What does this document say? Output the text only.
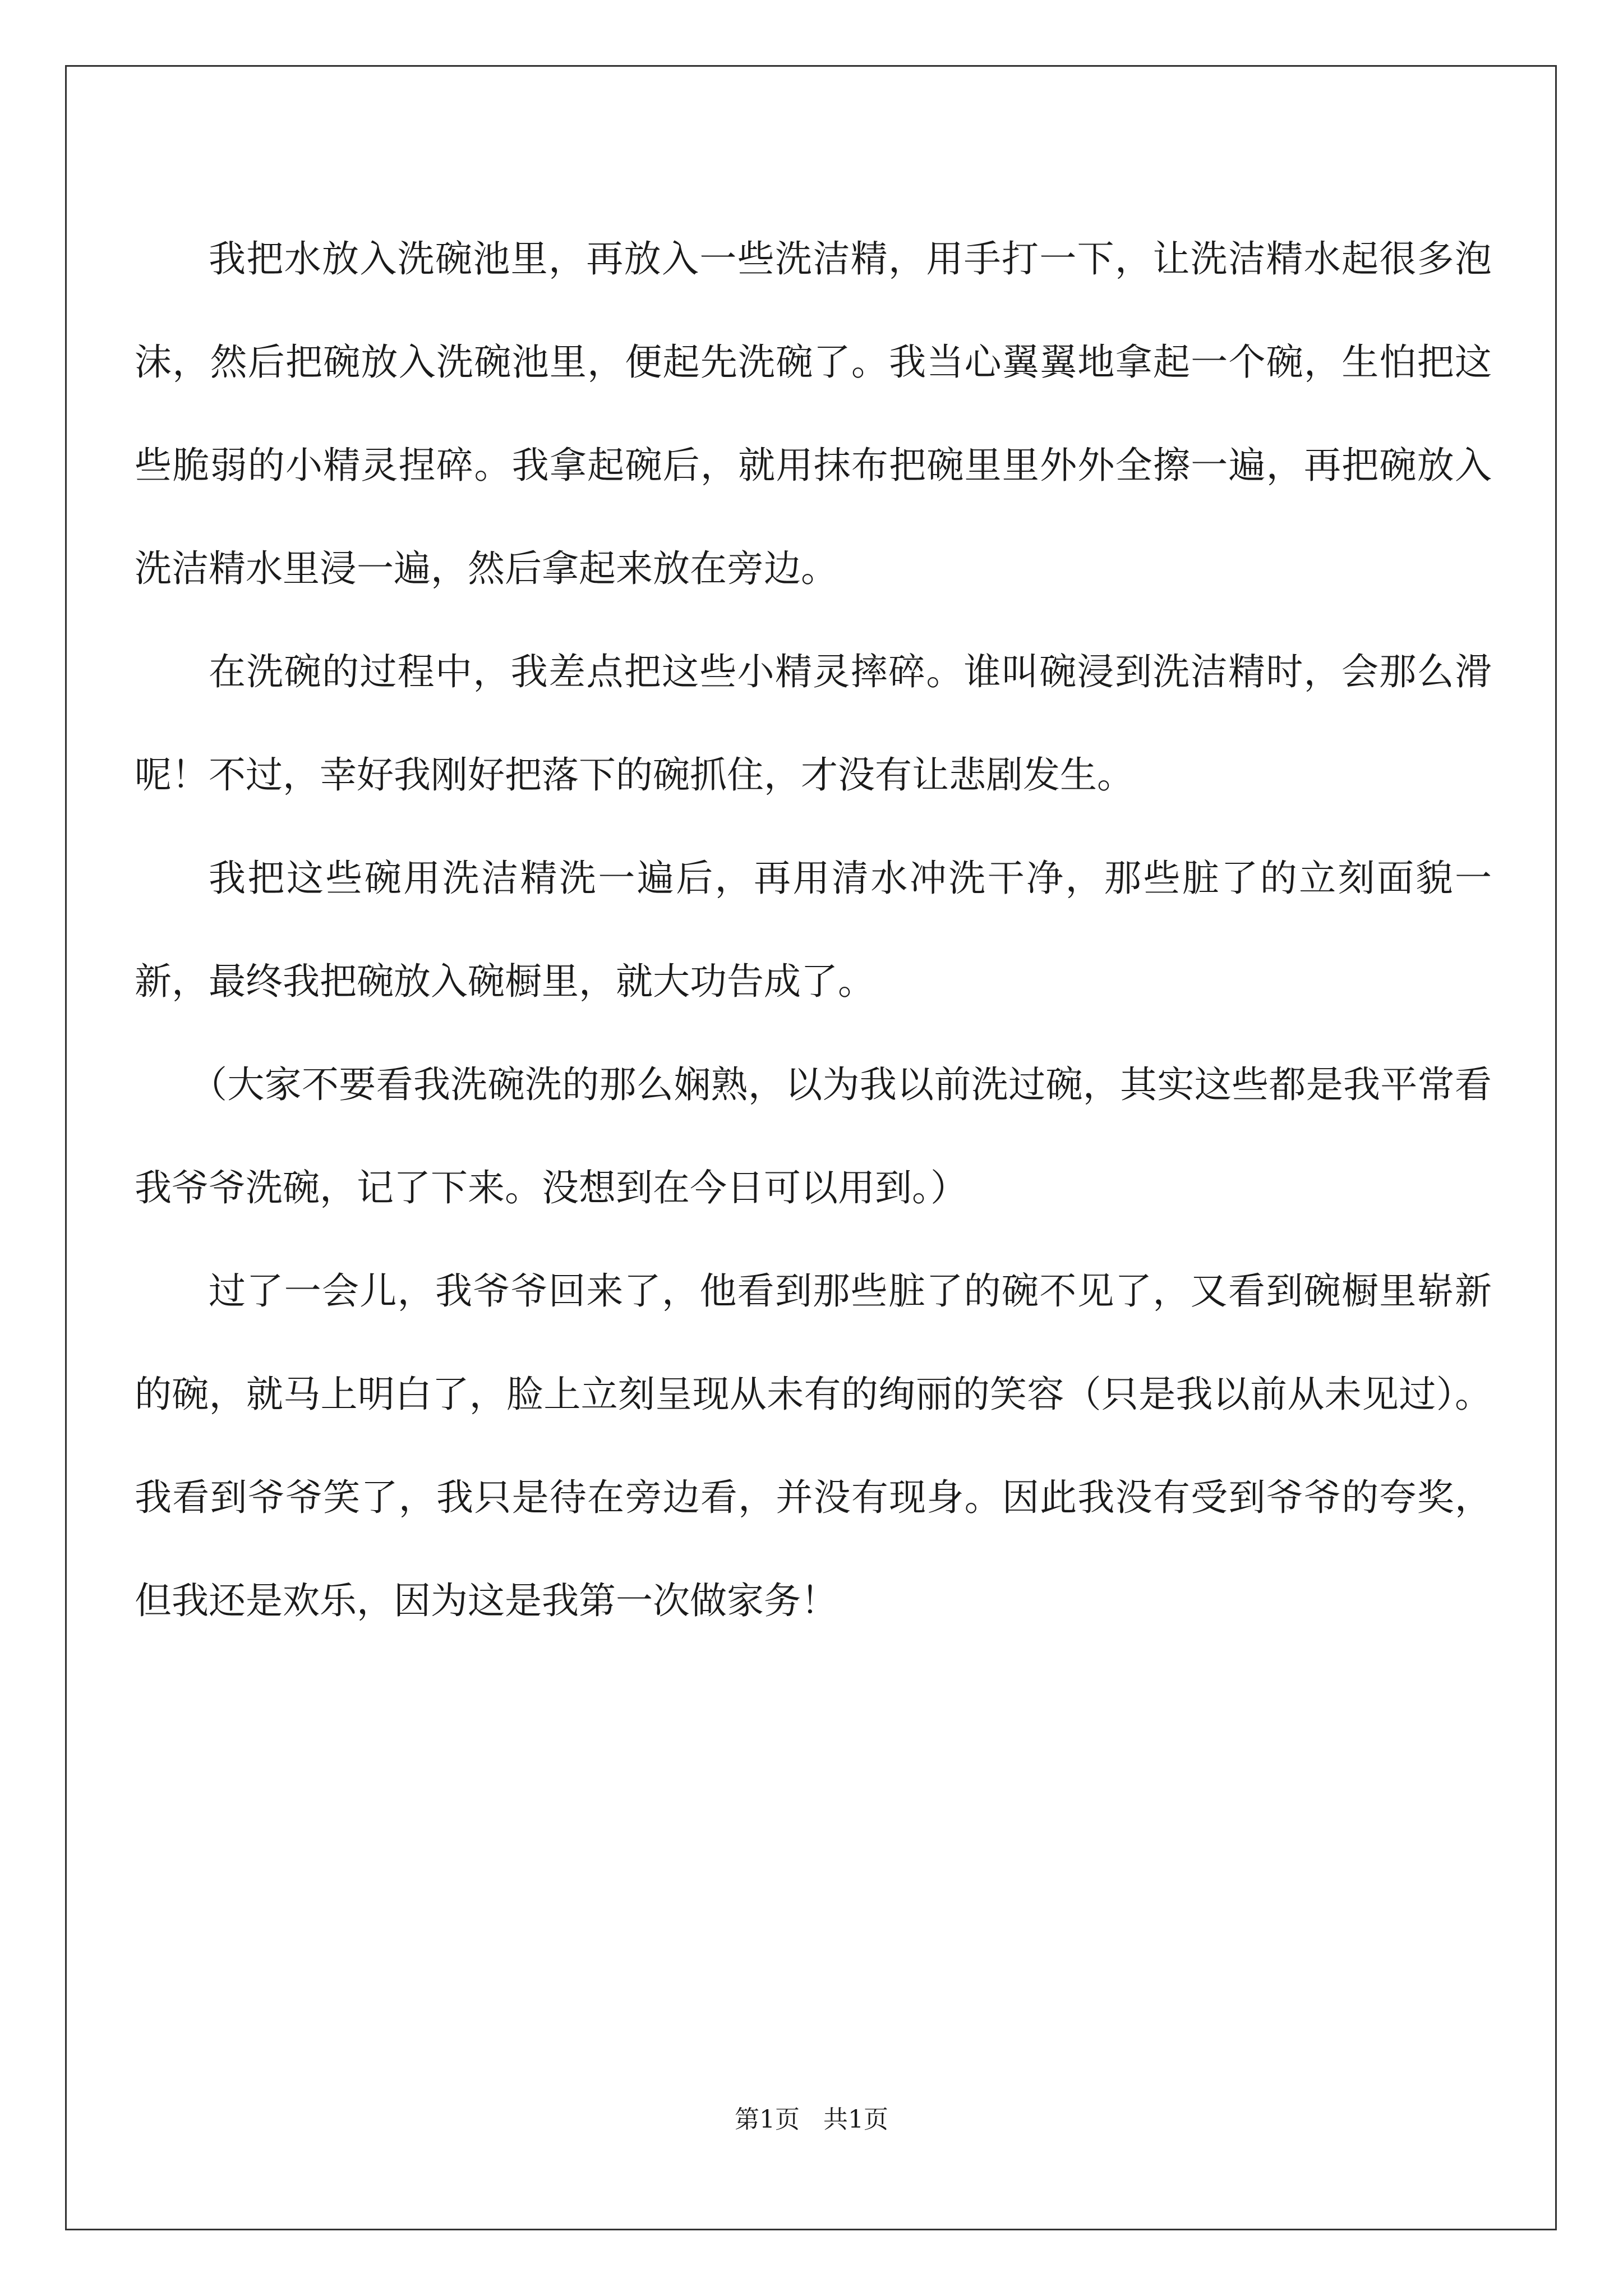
我把水放入洗碗池里，再放入一些洗洁精，用手打一下，让洗洁精水起很多泡沫，然后把碗放入洗碗池里，便起先洗碗了。我当心翼翼地拿起一个碗，生怕把这些脆弱的小精灵捏碎。我拿起碗后，就用抹布把碗里里外外全擦一遍，再把碗放入洗洁精水里浸一遍，然后拿起来放在旁边。

在洗碗的过程中，我差点把这些小精灵摔碎。谁叫碗浸到洗洁精时，会那么滑呢！不过，幸好我刚好把落下的碗抓住，才没有让悲剧发生。

我把这些碗用洗洁精洗一遍后，再用清水冲洗干净，那些脏了的立刻面貌一新，最终我把碗放入碗橱里，就大功告成了。

（大家不要看我洗碗洗的那么娴熟，以为我以前洗过碗，其实这些都是我平常看我爷爷洗碗，记了下来。没想到在今日可以用到。）

过了一会儿，我爷爷回来了，他看到那些脏了的碗不见了，又看到碗橱里崭新的碗，就马上明白了，脸上立刻呈现从未有的绚丽的笑容（只是我以前从未见过）。我看到爷爷笑了，我只是待在旁边看，并没有现身。因此我没有受到爷爷的夸奖，但我还是欢乐，因为这是我第一次做家务！

第1页   共1页
